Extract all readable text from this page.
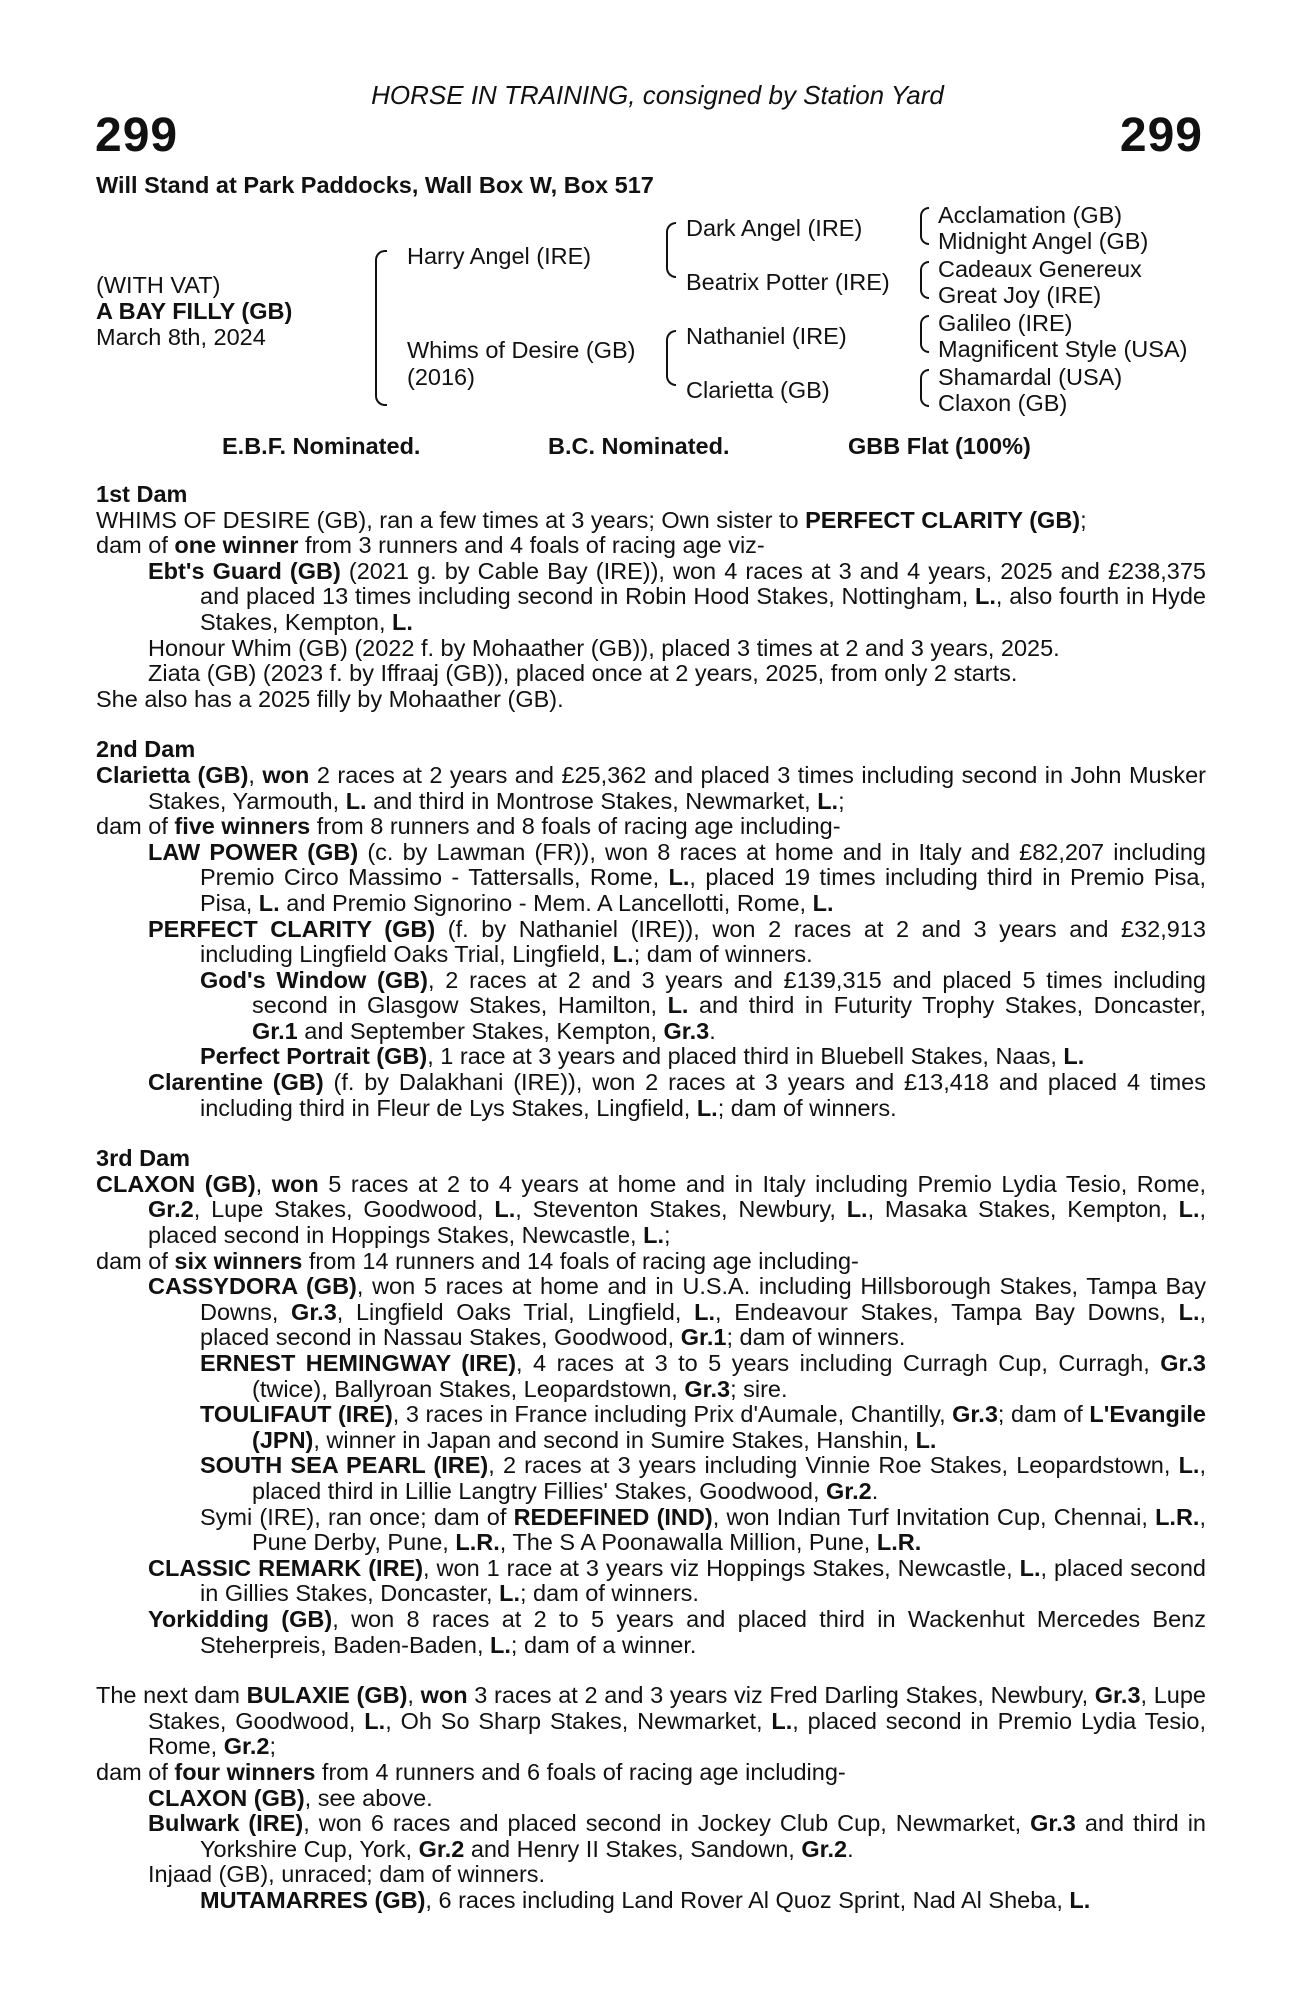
HORSE IN TRAINING, consigned by Station Yard
299	299
Will Stand at Park Paddocks, Wall Box W, Box 517
(WITH VAT)
A BAY FILLY (GB)
March 8th, 2024
Harry Angel (IRE)
Whims of Desire (GB)
(2016)
Dark Angel (IRE)
Beatrix Potter (IRE)
Nathaniel (IRE)
Clarietta (GB)
Acclamation (GB)
Midnight Angel (GB)
Cadeaux Genereux
Great Joy (IRE)
Galileo (IRE)
Magnificent Style (USA)
Shamardal (USA)
Claxon (GB)
E.B.F. Nominated.	B.C. Nominated.	GBB Flat (100%)

1st Dam

WHIMS OF DESIRE (GB), ran a few times at 3 years; Own sister to PERFECT CLARITY (GB);
dam of one winner from 3 runners and 4 foals of racing age viz-

Ebt's Guard (GB) (2021 g. by Cable Bay (IRE)), won 4 races at 3 and 4 years, 2025 and £238,375 and placed 13 times including second in Robin Hood Stakes, Nottingham, L., also fourth in Hyde Stakes, Kempton, L.

Honour Whim (GB) (2022 f. by Mohaather (GB)), placed 3 times at 2 and 3 years, 2025.

Ziata (GB) (2023 f. by Iffraaj (GB)), placed once at 2 years, 2025, from only 2 starts.

She also has a 2025 filly by Mohaather (GB).

2nd Dam

Clarietta (GB), won 2 races at 2 years and £25,362 and placed 3 times including second in John Musker Stakes, Yarmouth, L. and third in Montrose Stakes, Newmarket, L.;

dam of five winners from 8 runners and 8 foals of racing age including-

LAW POWER (GB) (c. by Lawman (FR)), won 8 races at home and in Italy and £82,207 including Premio Circo Massimo - Tattersalls, Rome, L., placed 19 times including third in Premio Pisa, Pisa, L. and Premio Signorino - Mem. A Lancellotti, Rome, L.

PERFECT CLARITY (GB) (f. by Nathaniel (IRE)), won 2 races at 2 and 3 years and £32,913 including Lingfield Oaks Trial, Lingfield, L.; dam of winners.

God's Window (GB), 2 races at 2 and 3 years and £139,315 and placed 5 times including second in Glasgow Stakes, Hamilton, L. and third in Futurity Trophy Stakes, Doncaster, Gr.1 and September Stakes, Kempton, Gr.3.

Perfect Portrait (GB), 1 race at 3 years and placed third in Bluebell Stakes, Naas, L.

Clarentine (GB) (f. by Dalakhani (IRE)), won 2 races at 3 years and £13,418 and placed 4 times including third in Fleur de Lys Stakes, Lingfield, L.; dam of winners.

3rd Dam

CLAXON (GB), won 5 races at 2 to 4 years at home and in Italy including Premio Lydia Tesio, Rome, Gr.2, Lupe Stakes, Goodwood, L., Steventon Stakes, Newbury, L., Masaka Stakes, Kempton, L., placed second in Hoppings Stakes, Newcastle, L.;

dam of six winners from 14 runners and 14 foals of racing age including-

CASSYDORA (GB), won 5 races at home and in U.S.A. including Hillsborough Stakes, Tampa Bay Downs, Gr.3, Lingfield Oaks Trial, Lingfield, L., Endeavour Stakes, Tampa Bay Downs, L., placed second in Nassau Stakes, Goodwood, Gr.1; dam of winners.

ERNEST HEMINGWAY (IRE), 4 races at 3 to 5 years including Curragh Cup, Curragh, Gr.3 (twice), Ballyroan Stakes, Leopardstown, Gr.3; sire.

TOULIFAUT (IRE), 3 races in France including Prix d'Aumale, Chantilly, Gr.3; dam of L'Evangile (JPN), winner in Japan and second in Sumire Stakes, Hanshin, L.

SOUTH SEA PEARL (IRE), 2 races at 3 years including Vinnie Roe Stakes, Leopardstown, L., placed third in Lillie Langtry Fillies' Stakes, Goodwood, Gr.2.

Symi (IRE), ran once; dam of REDEFINED (IND), won Indian Turf Invitation Cup, Chennai, L.R., Pune Derby, Pune, L.R., The S A Poonawalla Million, Pune, L.R.

CLASSIC REMARK (IRE), won 1 race at 3 years viz Hoppings Stakes, Newcastle, L., placed second in Gillies Stakes, Doncaster, L.; dam of winners.

Yorkidding (GB), won 8 races at 2 to 5 years and placed third in Wackenhut Mercedes Benz Steherpreis, Baden-Baden, L.; dam of a winner.

The next dam BULAXIE (GB), won 3 races at 2 and 3 years viz Fred Darling Stakes, Newbury, Gr.3, Lupe Stakes, Goodwood, L., Oh So Sharp Stakes, Newmarket, L., placed second in Premio Lydia Tesio, Rome, Gr.2;

dam of four winners from 4 runners and 6 foals of racing age including-

CLAXON (GB), see above.

Bulwark (IRE), won 6 races and placed second in Jockey Club Cup, Newmarket, Gr.3 and third in Yorkshire Cup, York, Gr.2 and Henry II Stakes, Sandown, Gr.2.

Injaad (GB), unraced; dam of winners.

MUTAMARRES (GB), 6 races including Land Rover Al Quoz Sprint, Nad Al Sheba, L.
